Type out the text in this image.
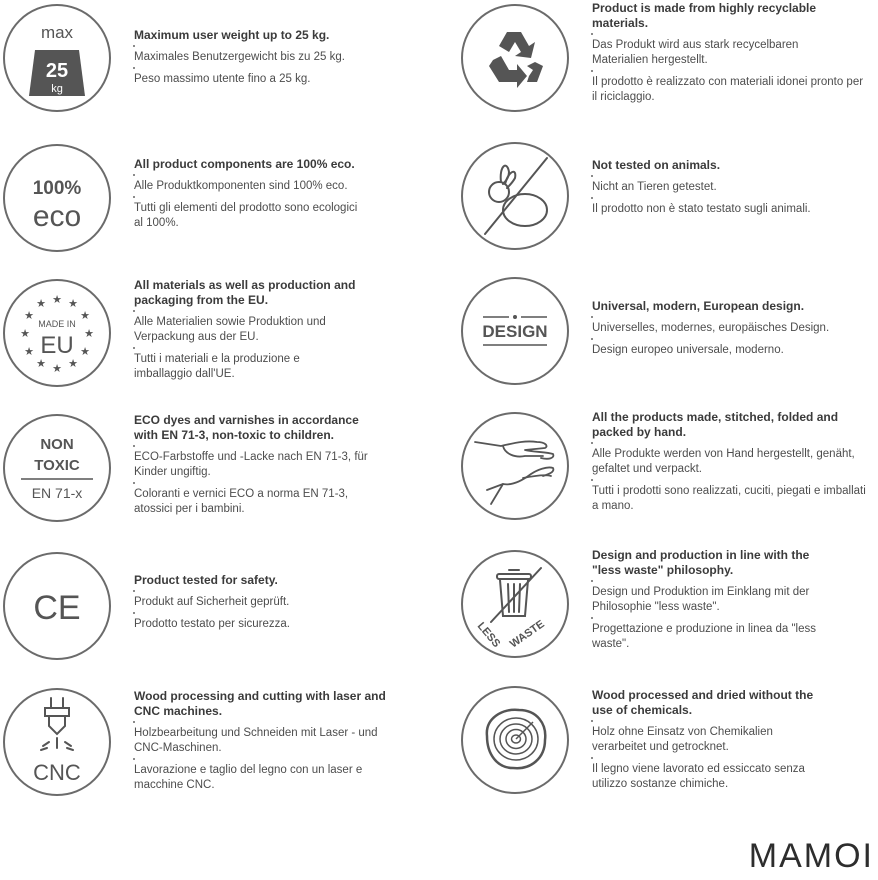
max
25
kg
Maximum user weight up to 25 kg.
Maximales Benutzergewicht bis zu 25 kg.
Peso massimo utente fino a 25 kg.
100%
eco
All product components are 100% eco.
Alle Produktkomponenten sind 100% eco.
Tutti gli elementi del prodotto sono ecologici al 100%.
★ ★
★
★
★
★
★
★
★
★
★
★
MADE IN
EU
All materials as well as production and packaging from the EU.
Alle Materialien sowie Produktion und Verpackung aus der EU.
Tutti i materiali e la produzione e imballaggio dall'UE.
NON
TOXIC
EN 71-x
ECO dyes and varnishes in accordance with EN 71-3, non-toxic to children.
ECO-Farbstoffe und -Lacke nach EN 71-3, für Kinder ungiftig.
Coloranti e vernici ECO a norma EN 71-3, atossici per i bambini.
CE
Product tested for safety.
Produkt auf Sicherheit geprüft.
Prodotto testato per sicurezza.
CNC
Wood processing and cutting with laser and CNC machines.
Holzbearbeitung und Schneiden mit Laser - und CNC-Maschinen.
Lavorazione e taglio del legno con un laser e macchine CNC.
Product is made from highly recyclable materials.
Das Produkt wird aus stark recycelbaren Materialien hergestellt.
Il prodotto è realizzato con materiali idonei pronto per il riciclaggio.
Not tested on animals.
Nicht an Tieren getestet.
Il prodotto non è stato testato sugli animali.
DESIGN
Universal, modern, European design.
Universelles, modernes, europäisches Design.
Design europeo universale, moderno.
All the products made, stitched, folded and packed by hand.
Alle Produkte werden von Hand hergestellt, genäht, gefaltet und verpackt.
Tutti i prodotti sono realizzati, cuciti, piegati e imballati a mano.
LESS WASTE
Design and production in line with the "less waste" philosophy.
Design und Produktion im Einklang mit der Philosophie "less waste".
Progettazione e produzione in linea da "less waste".
Wood processed and dried without the use of chemicals.
Holz ohne Einsatz von Chemikalien verarbeitet und getrocknet.
Il legno viene lavorato ed essiccato senza utilizzo sostanze chimiche.
MAMOI
